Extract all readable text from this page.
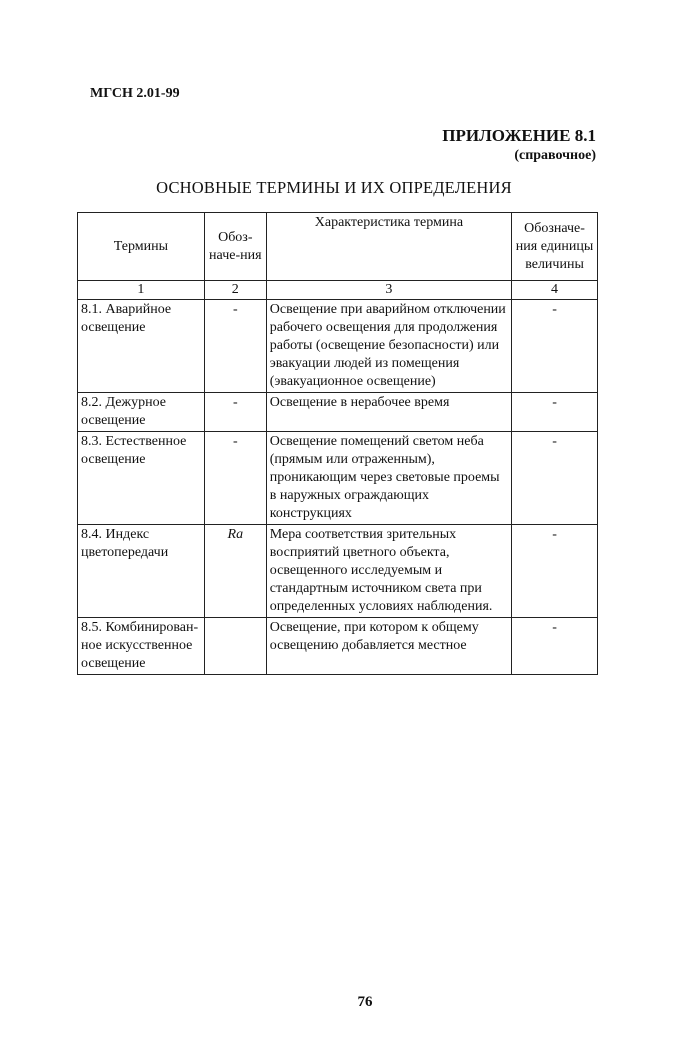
МГСН 2.01-99
ПРИЛОЖЕНИЕ 8.1
(справочное)
ОСНОВНЫЕ ТЕРМИНЫ И ИХ ОПРЕДЕЛЕНИЯ
Термины	Обоз-наче-ния	Характеристика термина	Обозначе-ния единицы величины
1	2	3	4
8.1. Аварийное освещение	-	Освещение при аварийном отключении рабочего освещения для продолжения работы (освещение безопасности) или эвакуации людей из помещения (эвакуационное освещение)	-
8.2. Дежурное освещение	-	Освещение в нерабочее время	-
8.3. Естественное освещение	-	Освещение помещений светом неба (прямым или отраженным), проникающим через световые проемы в наружных ограждающих конструкциях	-
8.4. Индекс цветопередачи	Ra	Мера соответствия зрительных восприятий цветного объекта, освещенного исследуемым и стандартным источником света при определенных условиях наблюдения.	-
8.5. Комбинирован-ное искусственное освещение		Освещение, при котором к общему освещению добавляется местное	-
76
